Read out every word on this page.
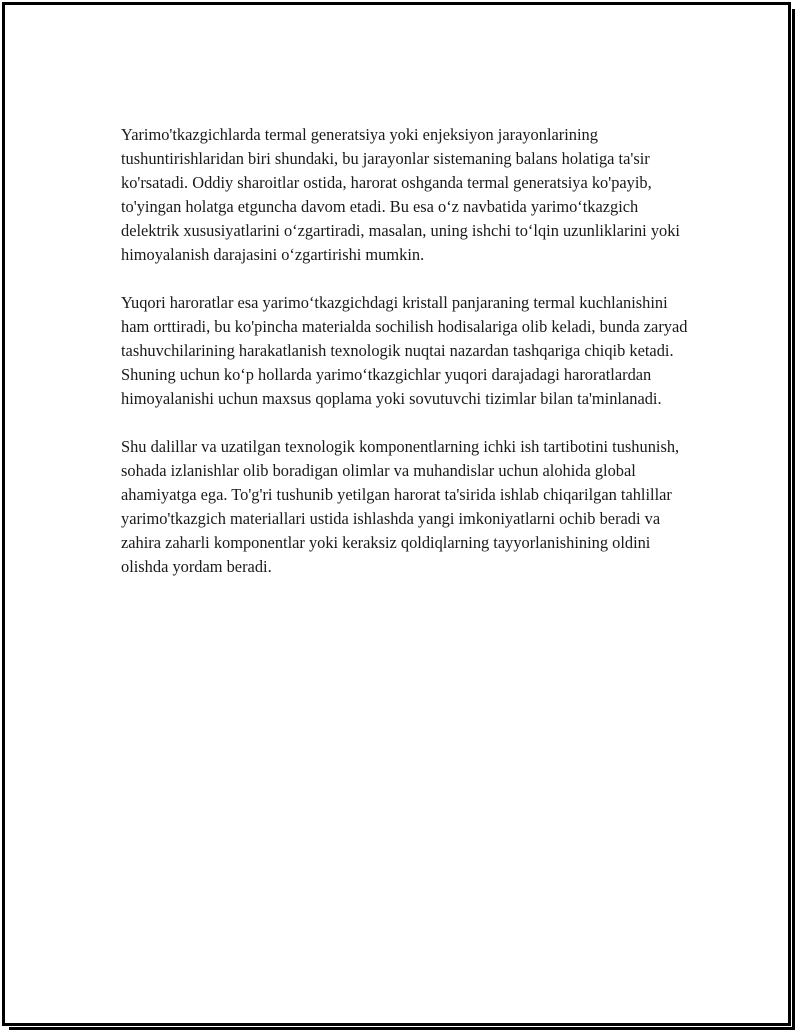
Yarimo'tkazgichlarda termal generatsiya yoki enjeksiyon jarayonlarining tushuntirishlaridan biri shundaki, bu jarayonlar sistemaning balans holatiga ta'sir ko'rsatadi. Oddiy sharoitlar ostida, harorat oshganda termal generatsiya ko'payib, to'yingan holatga etguncha davom etadi. Bu esa o‘z navbatida yarimo‘tkazgich delektrik xususiyatlarini o‘zgartiradi, masalan, uning ishchi to‘lqin uzunliklarini yoki himoyalanish darajasini o‘zgartirishi mumkin.

Yuqori haroratlar esa yarimo‘tkazgichdagi kristall panjaraning termal kuchlanishini ham orttiradi, bu ko'pincha materialda sochilish hodisalariga olib keladi, bunda zaryad tashuvchilarining harakatlanish texnologik nuqtai nazardan tashqariga chiqib ketadi. Shuning uchun ko‘p hollarda yarimo‘tkazgichlar yuqori darajadagi haroratlardan himoyalanishi uchun maxsus qoplama yoki sovutuvchi tizimlar bilan ta'minlanadi.

Shu dalillar va uzatilgan texnologik komponentlarning ichki ish tartibotini tushunish, sohada izlanishlar olib boradigan olimlar va muhandislar uchun alohida global ahamiyatga ega. To'g'ri tushunib yetilgan harorat ta'sirida ishlab chiqarilgan tahlillar yarimo'tkazgich materiallari ustida ishlashda yangi imkoniyatlarni ochib beradi va zahira zaharli komponentlar yoki keraksiz qoldiqlarning tayyorlanishining oldini olishda yordam beradi.
